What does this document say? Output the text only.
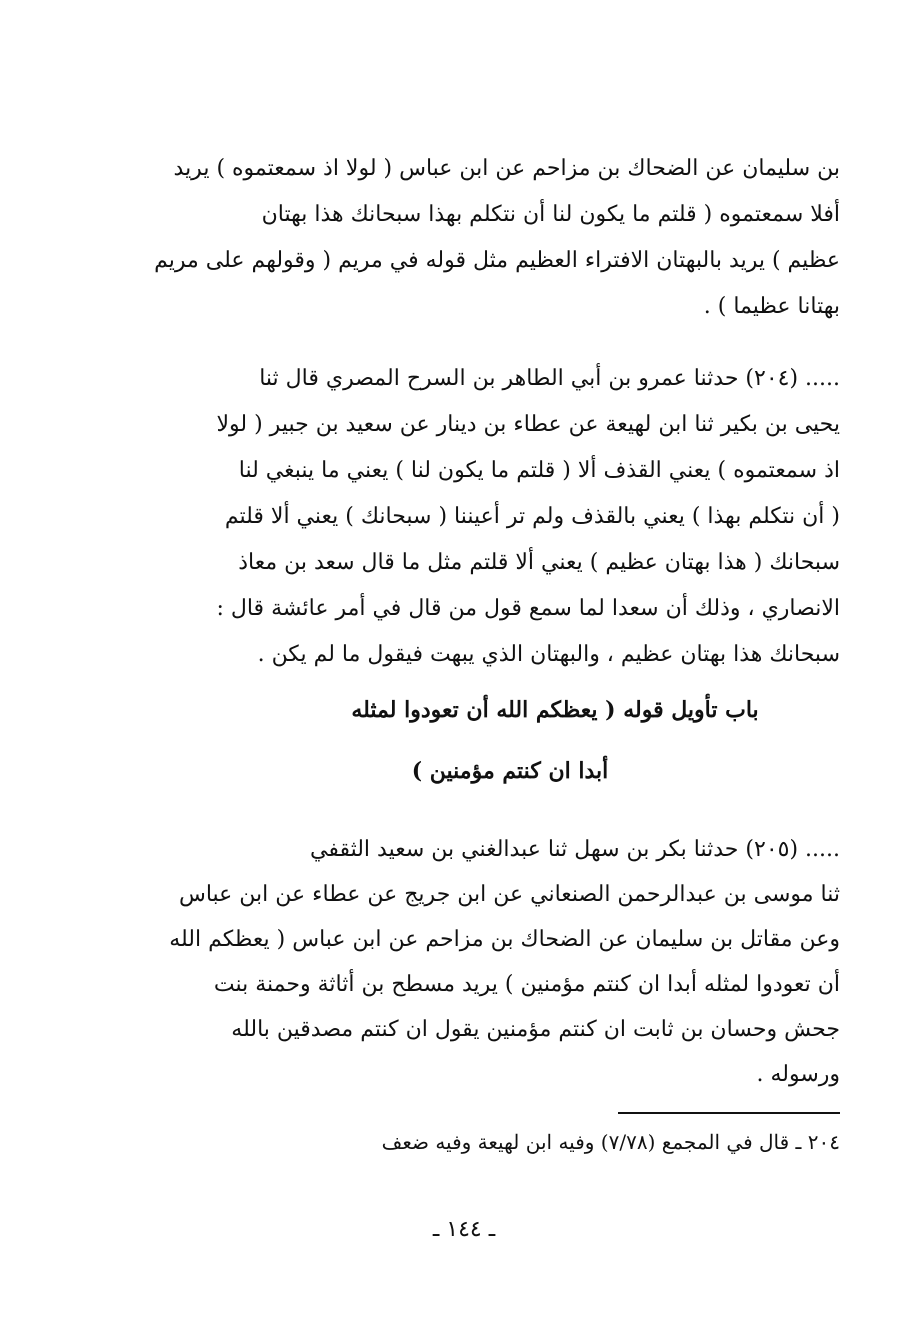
بن سليمان عن الضحاك بن مزاحم عن ابن عباس ( لولا اذ سمعتموه ) يريد
أفلا سمعتموه ( قلتم ما يكون لنا أن نتكلم بهذا سبحانك هذا بهتان
عظيم ) يريد بالبهتان الافتراء العظيم مثل قوله في مريم ( وقولهم على مريم
بهتانا عظيما ) .
..... (٢٠٤) حدثنا عمرو بن أبي الطاهر بن السرح المصري قال ثنا
يحيى بن بكير ثنا ابن لهيعة عن عطاء بن دينار عن سعيد بن جبير ( لولا
اذ سمعتموه ) يعني القذف ألا ( قلتم ما يكون لنا ) يعني ما ينبغي لنا
( أن نتكلم بهذا ) يعني بالقذف ولم تر أعيننا ( سبحانك ) يعني ألا قلتم
سبحانك ( هذا بهتان عظيم ) يعني ألا قلتم مثل ما قال سعد بن معاذ
الانصاري ، وذلك أن سعدا لما سمع قول من قال في أمر عائشة قال :
سبحانك هذا بهتان عظيم ، والبهتان الذي يبهت فيقول ما لم يكن .
باب تأويل قوله ( يعظكم الله أن تعودوا لمثله
أبدا ان كنتم مؤمنين )
..... (٢٠٥) حدثنا بكر بن سهل ثنا عبدالغني بن سعيد الثقفي
ثنا موسى بن عبدالرحمن الصنعاني عن ابن جريج عن عطاء عن ابن عباس
وعن مقاتل بن سليمان عن الضحاك بن مزاحم عن ابن عباس ( يعظكم الله
أن تعودوا لمثله أبدا ان كنتم مؤمنين ) يريد مسطح بن أثاثة وحمنة بنت
جحش وحسان بن ثابت ان كنتم مؤمنين يقول ان كنتم مصدقين بالله
ورسوله .
٢٠٤ ـ قال في المجمع (٧/٧٨) وفيه ابن لهيعة وفيه ضعف
ـ ١٤٤ ـ
